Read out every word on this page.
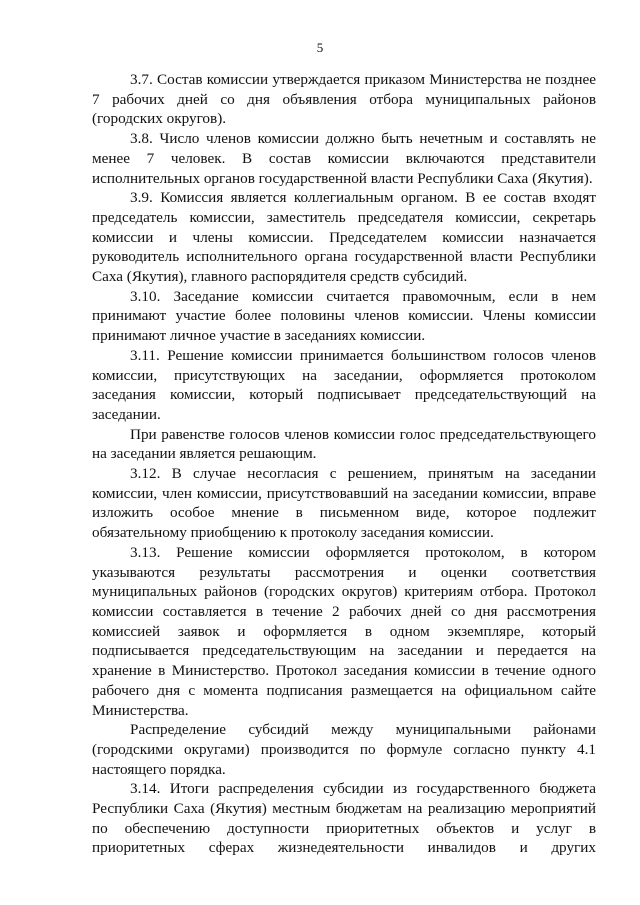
5

3.7. Состав комиссии утверждается приказом Министерства не позднее 7 рабочих дней со дня объявления отбора муниципальных районов (городских округов).

3.8. Число членов комиссии должно быть нечетным и составлять не менее 7 человек. В состав комиссии включаются представители исполнительных органов государственной власти Республики Саха (Якутия).

3.9. Комиссия является коллегиальным органом. В ее состав входят председатель комиссии, заместитель председателя комиссии, секретарь комиссии и члены комиссии. Председателем комиссии назначается руководитель исполнительного органа государственной власти Республики Саха (Якутия), главного распорядителя средств субсидий.

3.10. Заседание комиссии считается правомочным, если в нем принимают участие более половины членов комиссии. Члены комиссии принимают личное участие в заседаниях комиссии.

3.11. Решение комиссии принимается большинством голосов членов комиссии, присутствующих на заседании, оформляется протоколом заседания комиссии, который подписывает председательствующий на заседании.

При равенстве голосов членов комиссии голос председательствующего на заседании является решающим.

3.12. В случае несогласия с решением, принятым на заседании комиссии, член комиссии, присутствовавший на заседании комиссии, вправе изложить особое мнение в письменном виде, которое подлежит обязательному приобщению к протоколу заседания комиссии.

3.13. Решение комиссии оформляется протоколом, в котором указываются результаты рассмотрения и оценки соответствия муниципальных районов (городских округов) критериям отбора. Протокол комиссии составляется в течение 2 рабочих дней со дня рассмотрения комиссией заявок и оформляется в одном экземпляре, который подписывается председательствующим на заседании и передается на хранение в Министерство. Протокол заседания комиссии в течение одного рабочего дня с момента подписания размещается на официальном сайте Министерства.

Распределение субсидий между муниципальными районами (городскими округами) производится по формуле согласно пункту 4.1 настоящего порядка.

3.14. Итоги распределения субсидии из государственного бюджета Республики Саха (Якутия) местным бюджетам на реализацию мероприятий по обеспечению доступности приоритетных объектов и услуг в приоритетных сферах жизнедеятельности инвалидов и других
